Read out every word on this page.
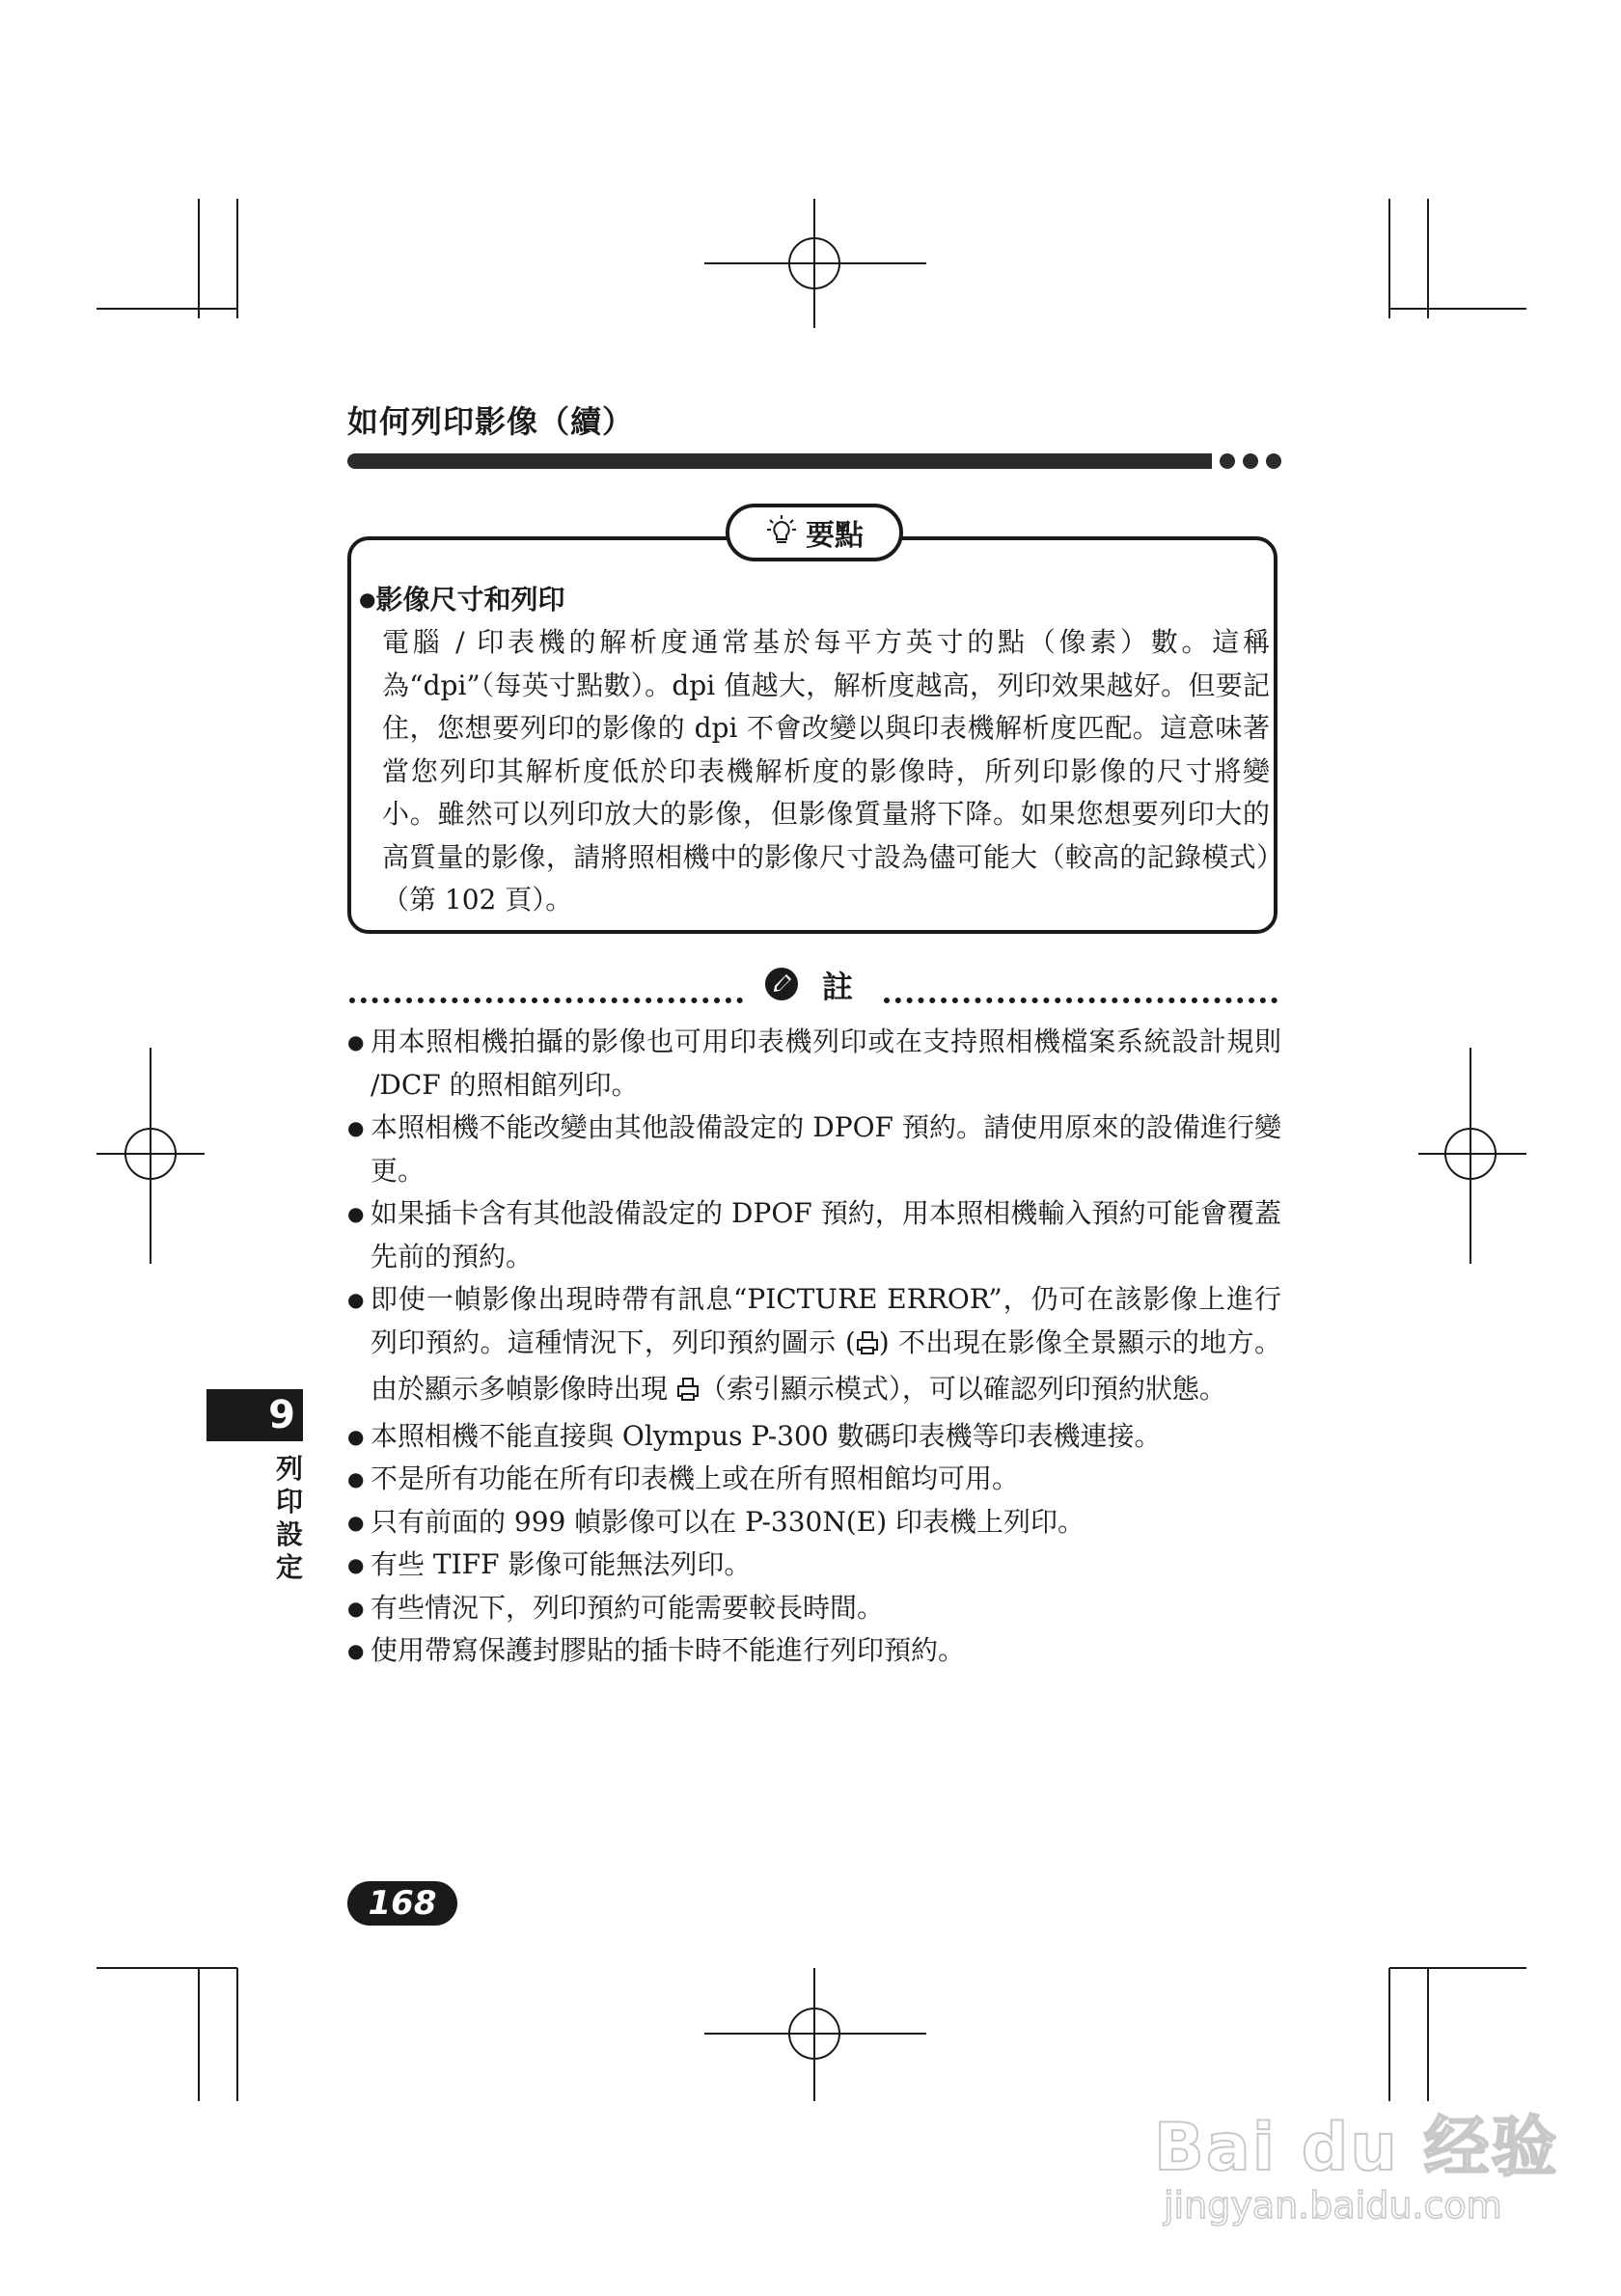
如何列印影像（續）
要點
●影像尺寸和列印
電腦 / 印表機的解析度通常基於每平方英寸的點（像素）數。這稱為“dpi”（每英寸點數）。dpi 值越大，解析度越高，列印效果越好。但要記住，您想要列印的影像的 dpi 不會改變以與印表機解析度匹配。這意味著當您列印其解析度低於印表機解析度的影像時，所列印影像的尺寸將變小。雖然可以列印放大的影像，但影像質量將下降。如果您想要列印大的高質量的影像，請將照相機中的影像尺寸設為儘可能大（較高的記錄模式）（第 102 頁）。
註
● 用本照相機拍攝的影像也可用印表機列印或在支持照相機檔案系統設計規則 /DCF 的照相館列印。
● 本照相機不能改變由其他設備設定的 DPOF 預約。請使用原來的設備進行變更。
● 如果插卡含有其他設備設定的 DPOF 預約，用本照相機輸入預約可能會覆蓋先前的預約。
● 即使一幀影像出現時帶有訊息“PICTURE ERROR”，仍可在該影像上進行列印預約。這種情況下，列印預約圖示 ( ) 不出現在影像全景顯示的地方。由於顯示多幀影像時出現 （索引顯示模式），可以確認列印預約狀態。
● 本照相機不能直接與 Olympus P-300 數碼印表機等印表機連接。
● 不是所有功能在所有印表機上或在所有照相館均可用。
● 只有前面的 999 幀影像可以在 P-330N(E) 印表機上列印。
● 有些 TIFF 影像可能無法列印。
● 有些情況下，列印預約可能需要較長時間。
● 使用帶寫保護封膠貼的插卡時不能進行列印預約。
9
列印設定
168
Bai du 经验
jingyan.baidu.com
